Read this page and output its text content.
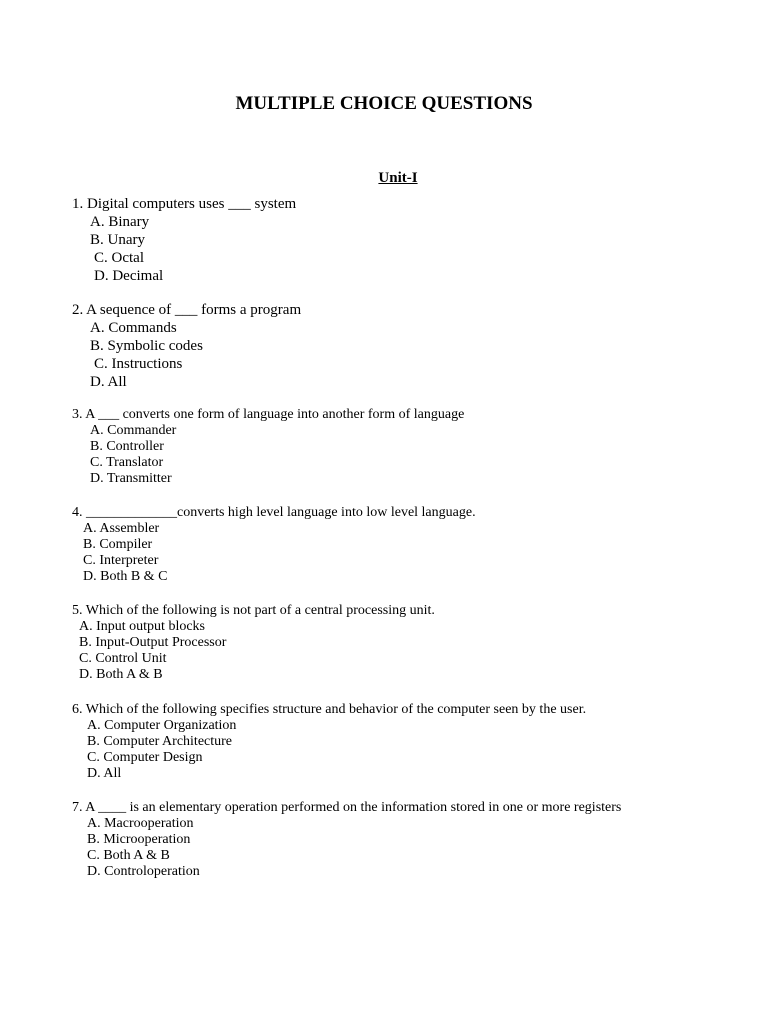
MULTIPLE CHOICE QUESTIONS
Unit-I
1. Digital computers uses ___ system
A. Binary
B. Unary
C. Octal
D. Decimal
2. A sequence of ___ forms a program
A. Commands
B. Symbolic codes
C. Instructions
D. All
3. A ___ converts one form of language into another form of language
A. Commander
B. Controller
C. Translator
D. Transmitter
4. _____________converts high level language into low level language.
A. Assembler
B. Compiler
C. Interpreter
D. Both B & C
5. Which of the following is not part of a central processing unit.
A. Input output blocks
B. Input-Output Processor
C. Control Unit
D. Both A & B
6. Which of the following specifies structure and behavior of the computer seen by the user.
A. Computer Organization
B. Computer Architecture
C. Computer Design
D. All
7. A ____ is an elementary operation performed on the information stored in one or more registers
A. Macrooperation
B. Microoperation
C. Both A & B
D. Controloperation
